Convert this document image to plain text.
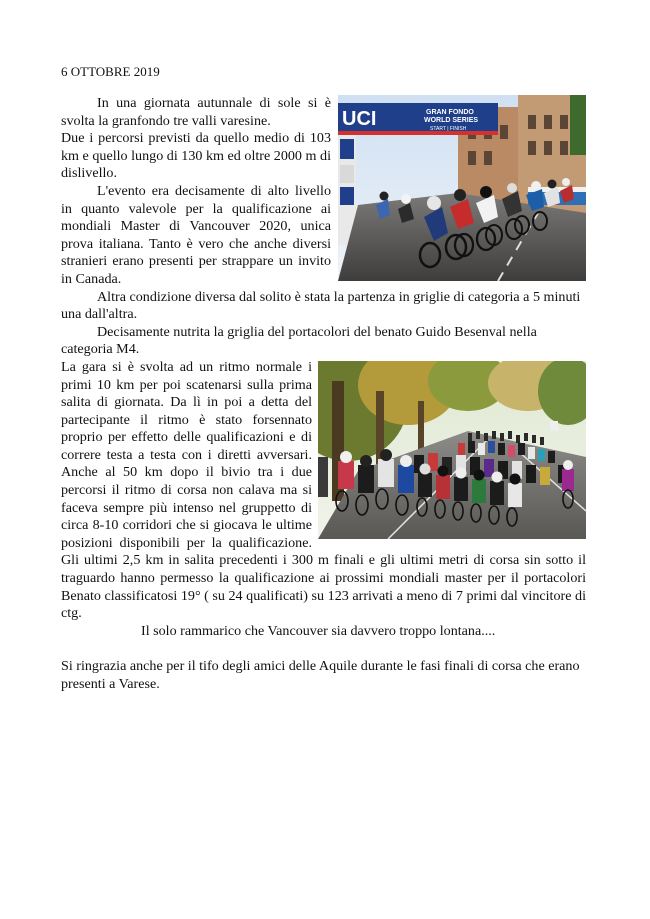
6 OTTOBRE 2019
UCI	GRAN FONDO
WORLD SERIES
START | FINISH

In una giornata autunnale di sole si è svolta la granfondo tre valli varesine.

Due i percorsi previsti da quello medio di 103 km e quello lungo di 130 km ed oltre 2000 m di dislivello.

L'evento era decisamente di alto livello in quanto valevole per la qualificazione ai mondiali Master di Vancouver 2020, unica prova italiana. Tanto è vero che anche diversi stranieri erano presenti per strappare un invito in Canada.

Altra condizione diversa dal solito è stata la partenza in griglie di categoria a 5 minuti una dall'altra.

Decisamente nutrita la griglia del portacolori del benato Guido Besenval nella categoria M4.

La gara si è svolta ad un ritmo normale i primi 10 km per poi scatenarsi sulla prima salita di giornata. Da lì in poi a detta del partecipante il ritmo è stato forsennato proprio per effetto delle qualificazioni e di correre testa a testa con i diretti avversari. Anche al 50 km dopo il bivio tra i due percorsi il ritmo di corsa non calava ma si faceva sempre più intenso nel gruppetto di circa 8-10 corridori che si giocava le ultime posizioni disponibili per la qualificazione. Gli ultimi 2,5 km in salita precedenti i 300 m finali e gli ultimi metri di corsa sin sotto il traguardo hanno permesso la qualificazione ai prossimi mondiali master per il portacolori Benato classificatosi 19° ( su 24 qualificati) su 123 arrivati a meno di 7 primi dal vincitore di ctg.

Il solo rammarico che Vancouver sia davvero troppo lontana....

Si ringrazia anche per il tifo degli amici delle Aquile durante le fasi finali di corsa che erano presenti a Varese.
